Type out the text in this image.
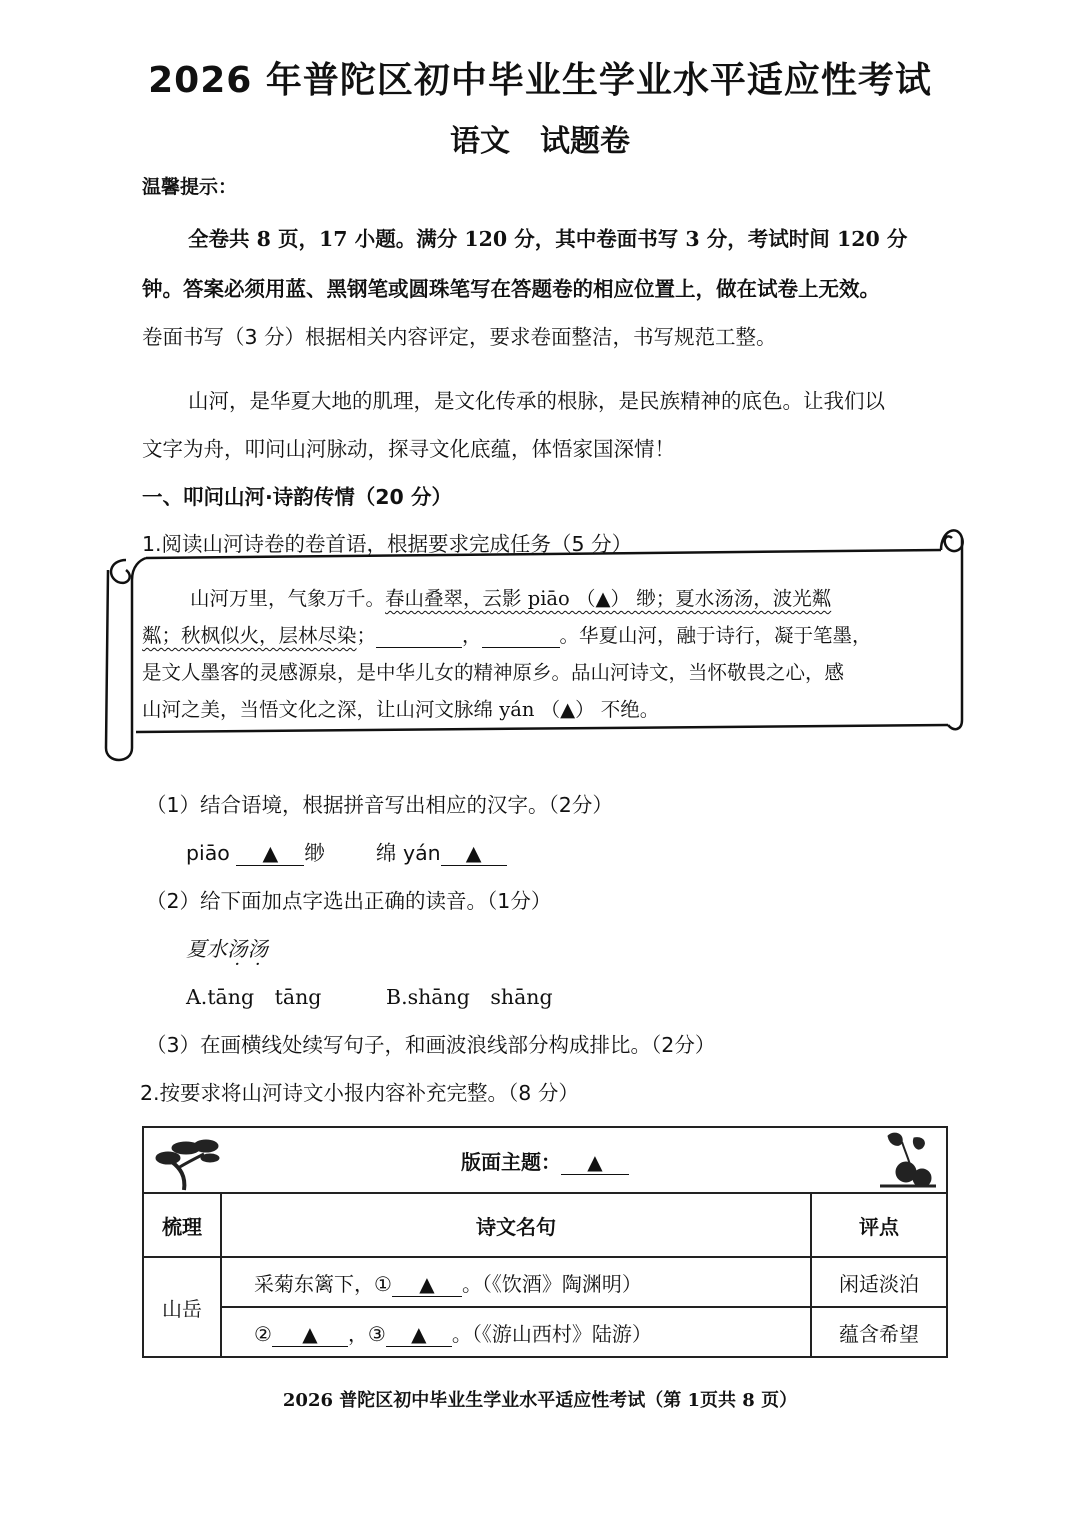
2026 年普陀区初中毕业生学业水平适应性考试
语文　试题卷
温馨提示：
全卷共 8 页，17 小题。满分 120 分，其中卷面书写 3 分，考试时间 120 分
钟。答案必须用蓝、黑钢笔或圆珠笔写在答题卷的相应位置上，做在试卷上无效。
卷面书写（3 分）根据相关内容评定，要求卷面整洁，书写规范工整。
山河，是华夏大地的肌理，是文化传承的根脉，是民族精神的底色。让我们以
文字为舟，叩问山河脉动，探寻文化底蕴，体悟家国深情！
一、叩问山河·诗韵传情（20 分）
1.阅读山河诗卷的卷首语，根据要求完成任务（5 分）
山河万里，气象万千。春山叠翠，云影 piāo （▲） 缈；夏水汤汤，波光粼
粼；秋枫似火，层林尽染；	，	。华夏山河，融于诗行，凝于笔墨，
是文人墨客的灵感源泉，是中华儿女的精神原乡。品山河诗文，当怀敬畏之心，感
山河之美，当悟文化之深，让山河文脉绵 yán （▲） 不绝。
（1）结合语境，根据拼音写出相应的汉字。（2分）
piāo ▲ 缈 绵 yán ▲
（2）给下面加点字选出正确的读音。（1分）
夏水汤汤
A.tāng　tāng	B.shāng　shāng
（3）在画横线处续写句子，和画波浪线部分构成排比。（2分）
2.按要求将山河诗文小报内容补充完整。（8 分）
版面主题： ▲		

梳理	诗文名句	评点
山岳	采菊东篱下，① ▲ 。（《饮酒》陶渊明）	闲适淡泊
	② ▲ ，③ ▲ 。（《游山西村》陆游）	蕴含希望
2026 普陀区初中毕业生学业水平适应性考试（第 1页共 8 页）
